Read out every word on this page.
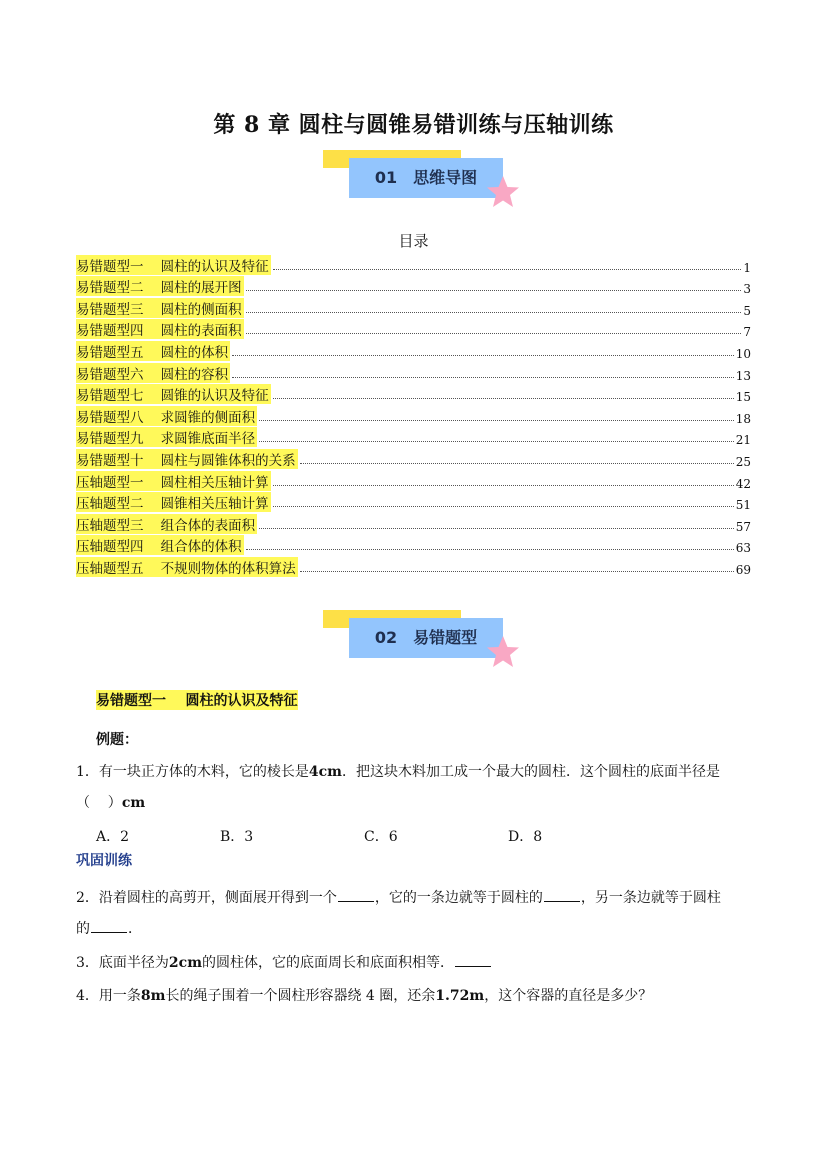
第 8 章 圆柱与圆锥易错训练与压轴训练
01 思维导图
目录
易错题型一    圆柱的认识及特征	1
易错题型二    圆柱的展开图	3
易错题型三    圆柱的侧面积	5
易错题型四    圆柱的表面积	7
易错题型五    圆柱的体积	10
易错题型六    圆柱的容积	13
易错题型七    圆锥的认识及特征	15
易错题型八    求圆锥的侧面积	18
易错题型九    求圆锥底面半径	21
易错题型十    圆柱与圆锥体积的关系	25
压轴题型一    圆柱相关压轴计算	42
压轴题型二    圆锥相关压轴计算	51
压轴题型三    组合体的表面积	57
压轴题型四    组合体的体积	63
压轴题型五    不规则物体的体积算法	69
02 易错题型
易错题型一    圆柱的认识及特征
例题：
1．有一块正方体的木料，它的棱长是4cm．把这块木料加工成一个最大的圆柱．这个圆柱的底面半径是
（    ）cm
A．2	B．3	C．6	D．8
巩固训练
2．沿着圆柱的高剪开，侧面展开得到一个	，它的一条边就等于圆柱的	，另一条边就等于圆柱
的	．
3．底面半径为2cm的圆柱体，它的底面周长和底面积相等．
4．用一条8m长的绳子围着一个圆柱形容器绕 4 圈，还余1.72m，这个容器的直径是多少？
